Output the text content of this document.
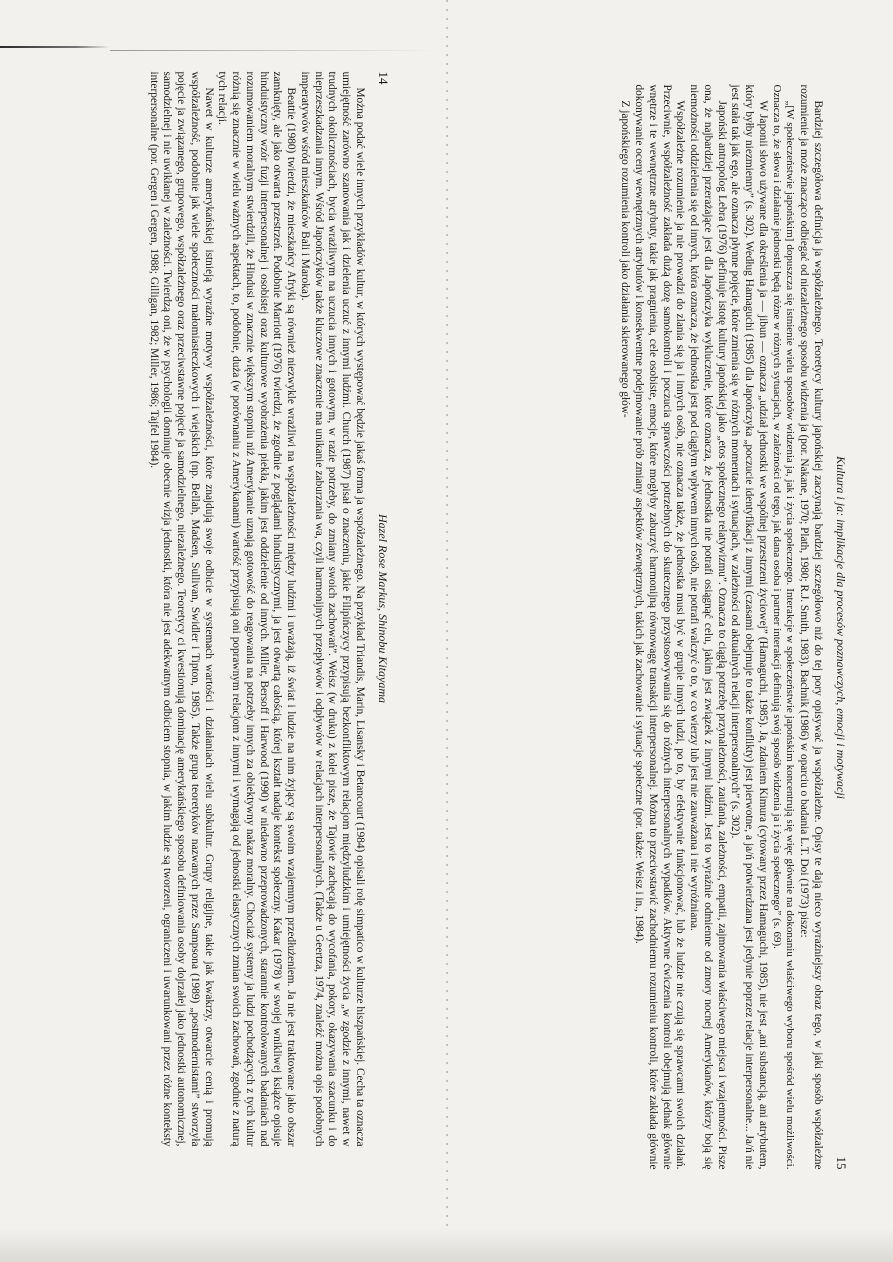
14
Hazel Rose Markus, Shinobu Kitayama

Można podać wiele innych przykładów kultur, w których występować będzie jakaś forma ja współzależnego. Na przykład Triandis, Marin, Lisansky i Betancourt (1984) opisali rolę simpatico w kulturze hiszpańskiej. Cecha ta oznacza umiejętność zarówno szanowania jak i dzielenia uczuć z innymi ludźmi. Church (1987) pisał o znaczeniu, jakie Filipińczycy przypisują bezkonfliktowym relacjom międzyludzkim i umiejętności życia „w zgodzie z innymi, nawet w trudnych okolicznościach, bycia wrażliwym na uczucia innych i gotowym, w razie potrzeby, do zmiany swoich zachowań”. Weisz (w druku) z kolei pisze, że Tajowie zachęcają do wycofania, pokory, okazywania szacunku i do nieprzeszkadzania innym. Wśród Japończyków także kluczowe znaczenie ma unikanie zaburzania wa, czyli harmonijnych przepływów i odpływów w relacjach interpersonalnych. (Także u Geertza, 1974, znaleźć można opis podobnych imperatywów wśród mieszkańców Bali i Maroka).

Beattie (1980) twierdzi, że mieszkańcy Afryki są również niezwykle wrażliwi na współzależności między ludźmi i uważają, iż świat i ludzie na nim żyjący są swoim wzajemnym przedłużeniem. Ja nie jest traktowane jako obszar zamknięty, ale jako otwarta przestrzeń. Podobnie Marriott (1976) twierdzi, że zgodnie z poglądami hinduistycznymi, ja jest otwartą całością, której kształt nadaje kontekst społeczny. Kakar (1978) w swojej wnikliwej książce opisuje hinduistyczny wzór fuzji interpersonalnej i osobistej oraz kulturowe wyobrażenia piekła, jakim jest oddzielenie od innych. Miller, Bersoff i Harwood (1990) w niedawno przeprowadzonych, starannie kontrolowanych badaniach nad rozumowaniem moralnym stwierdzili, że Hindusi w znacznie większym stopniu niż Amerykanie uznają gotowość do reagowania na potrzeby innych za obiektywny nakaz moralny. Chociaż systemy ja ludzi pochodzących z tych kultur różnią się znacznie w wielu ważnych aspektach, to, podobnie, duża (w porównaniu z Amerykanami) wartość przypisują oni poprawnym relacjom z innymi i wymagają od jednostki elastycznych zmian swoich zachowań, zgodnie z naturą tych relacji.

Nawet w kulturze amerykańskiej istnieją wyraźne motywy współzależności, które znajdują swoje odbicie w systemach wartości i działaniach wielu subkultur. Grupy religijne, takie jak kwakrzy, otwarcie cenią i promują współzależność, podobnie jak wiele społeczności małomiasteczkowych i wiejskich (np. Bellah, Madsen, Sullivan, Swidler i Tipton, 1985). Także grupa teoretyków nazwanych przez Sampsona (1989) „postmodernistami” stworzyła pojęcie ja związanego, grupowego, współzależnego oraz przeciwstawne pojęcie ja samodzielnego, niezależnego. Teoretycy ci kwestionują dominację amerykańskiego sposobu definiowania osoby dojrzałej jako jednostki autonomicznej, samodzielnej i nie uwikłanej w zależności. Twierdzą oni, że w psychologii dominuje obecnie wizja jednostki, która nie jest adekwatnym odbiciem stopnia, w jakim ludzie są tworzeni, ograniczeni i uwarunkowani przez różne konteksty interpersonalne (por. Gergen i Gergen, 1988; Gilligan, 1982; Miller, 1986; Tajfel 1984).

Kultura i ja: implikacje dla procesów poznawczych, emocji i motywacji
15

Bardziej szczegółowa definicja ja współzależnego. Teoretycy kultury japońskiej zaczynają bardziej szczegółowo niż do tej pory opisywać ja współzależne. Opisy te dają nieco wyraźniejszy obraz tego, w jaki sposób współzależne rozumienie ja może znacząco odbiegać od niezależnego sposobu widzenia ja (por. Nakane, 1970; Plath, 1980; R.J. Smith, 1983). Bachnik (1986) w oparciu o badania L.T. Doi (1973) pisze:

„[W społeczeństwie japońskim] dopuszcza się istnienie wielu sposobów widzenia ja, jak i życia społecznego. Interakcje w społeczeństwie japońskim koncentrują się więc głównie na dokonaniu właściwego wyboru spośród wielu możliwości. Oznacza to, że słowa i działanie jednostki będą różne w różnych sytuacjach, w zależności od tego, jak dana osoba i partner interakcji definiują swój sposób widzenia ja i życia społecznego” (s. 69).

W Japonii słowo używane dla określenia ja — jibun — oznacza „udział jednostki we wspólnej przestrzeni życiowej” (Hamaguchi, 1985). Ja, zdaniem Kimura (cytowany przez Hamaguchi, 1985), nie jest „ani substancją, ani atrybutem, który byłby niezmienny” (s. 302). Według Hamaguchi (1985) dla Japończyka „poczucie identyfikacji z innymi (czasami obejmuje to także konflikty) jest pierwotne, a ja/ń potwierdzana jest jedynie poprzez relacje interpersonalne... Ja/ń nie jest stała tak jak ego, ale oznacza płynne pojęcie, które zmienia się w różnych momentach i sytuacjach, w zależności od aktualnych relacji interpersonalnych” (s. 302).

Japoński antropolog Lebra (1976) definiuje istotę kultury japońskiej jako „etos społecznego relatywizmu”. Oznacza to ciągłą potrzebę przynależności, zaufania, zależności, empatii, zajmowania właściwego miejsca i wzajemności. Pisze ona, że najbardziej przerażające jest dla Japończyka wykluczenie, które oznacza, że jednostka nie potrafi osiągnąć celu, jakim jest związek z innymi ludźmi. Jest to wyraźnie odmienne od zmory nocnej Amerykanów, którzy boją się niemożności oddzielenia się od innych, która oznacza, że jednostka jest pod ciągłym wpływem innych osób, nie potrafi walczyć o to, w co wierzy lub jest nie zauważana i nie wyróżniana.

Współzależne rozumienie ja nie prowadzi do zlania się ja i innych osób, nie oznacza także, że jednostka musi być w grupie innych ludzi, po to, by efektywnie funkcjonować, lub że ludzie nie czują się sprawcami swoich działań. Przeciwnie, współzależność zakłada dużą dozę samokontroli i poczucia sprawczości potrzebnych do skutecznego przystosowywania się do różnych interpersonalnych wypadków. Aktywne ćwiczenia kontroli obejmują jednak głównie wnętrze i te wewnętrzne atrybuty, takie jak pragnienia, cele osobiste, emocje, które mogłyby zaburzyć harmonijną równowagę transakcji interpersonalnej. Można to przeciwstawić zachodniemu rozumieniu kontroli, które zakłada głównie dokonywanie oceny wewnętrznych atrybutów i konsekwentne podejmowanie prób zmiany aspektów zewnętrznych, takich jak zachowanie i sytuacje społeczne (por. także: Weisz i in., 1984).

Z japońskiego rozumienia kontroli jako działania skierowanego głów-
